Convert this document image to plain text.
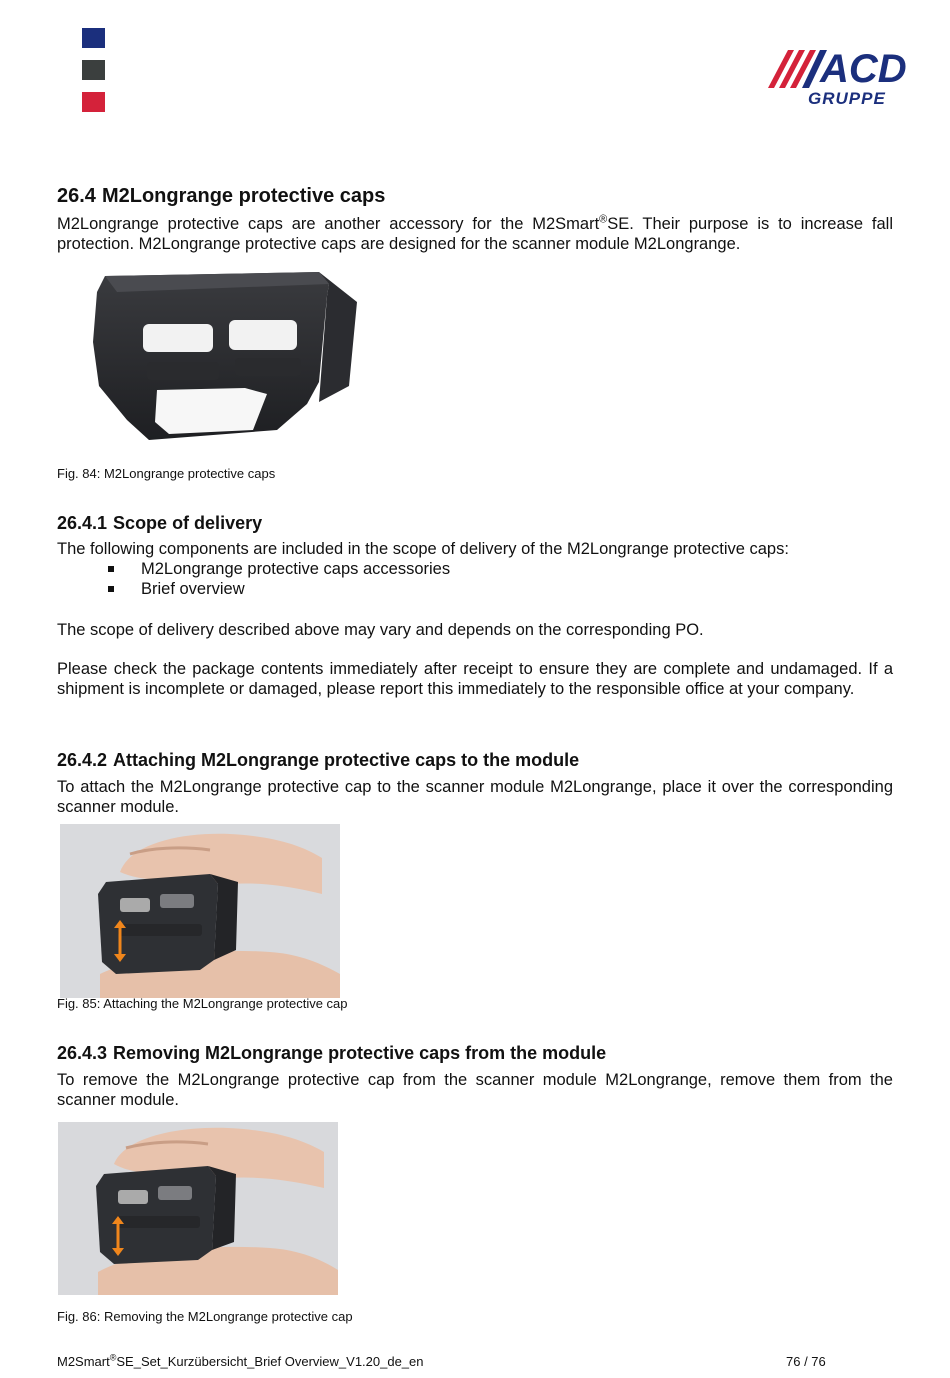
ACD
GRUPPE
26.4 M2Longrange protective caps

M2Longrange protective caps are another accessory for the M2Smart®SE. Their purpose is to increase fall protection. M2Longrange protective caps are designed for the scanner module M2Longrange.

Fig. 84: M2Longrange protective caps

26.4.1 Scope of delivery

The following components are included in the scope of delivery of the M2Longrange protective caps:

M2Longrange protective caps accessories
Brief overview

The scope of delivery described above may vary and depends on the corresponding PO.

Please check the package contents immediately after receipt to ensure they are complete and undamaged. If a shipment is incomplete or damaged, please report this immediately to the responsible office at your company.

26.4.2 Attaching M2Longrange protective caps to the module

To attach the M2Longrange protective cap to the scanner module M2Longrange, place it over the corresponding scanner module.

Fig. 85: Attaching the M2Longrange protective cap

26.4.3 Removing M2Longrange protective caps from the module

To remove the M2Longrange protective cap from the scanner module M2Longrange, remove them from the scanner module.

Fig. 86: Removing the M2Longrange protective cap

M2Smart®SE_Set_Kurzübersicht_Brief Overview_V1.20_de_en	76 / 76
